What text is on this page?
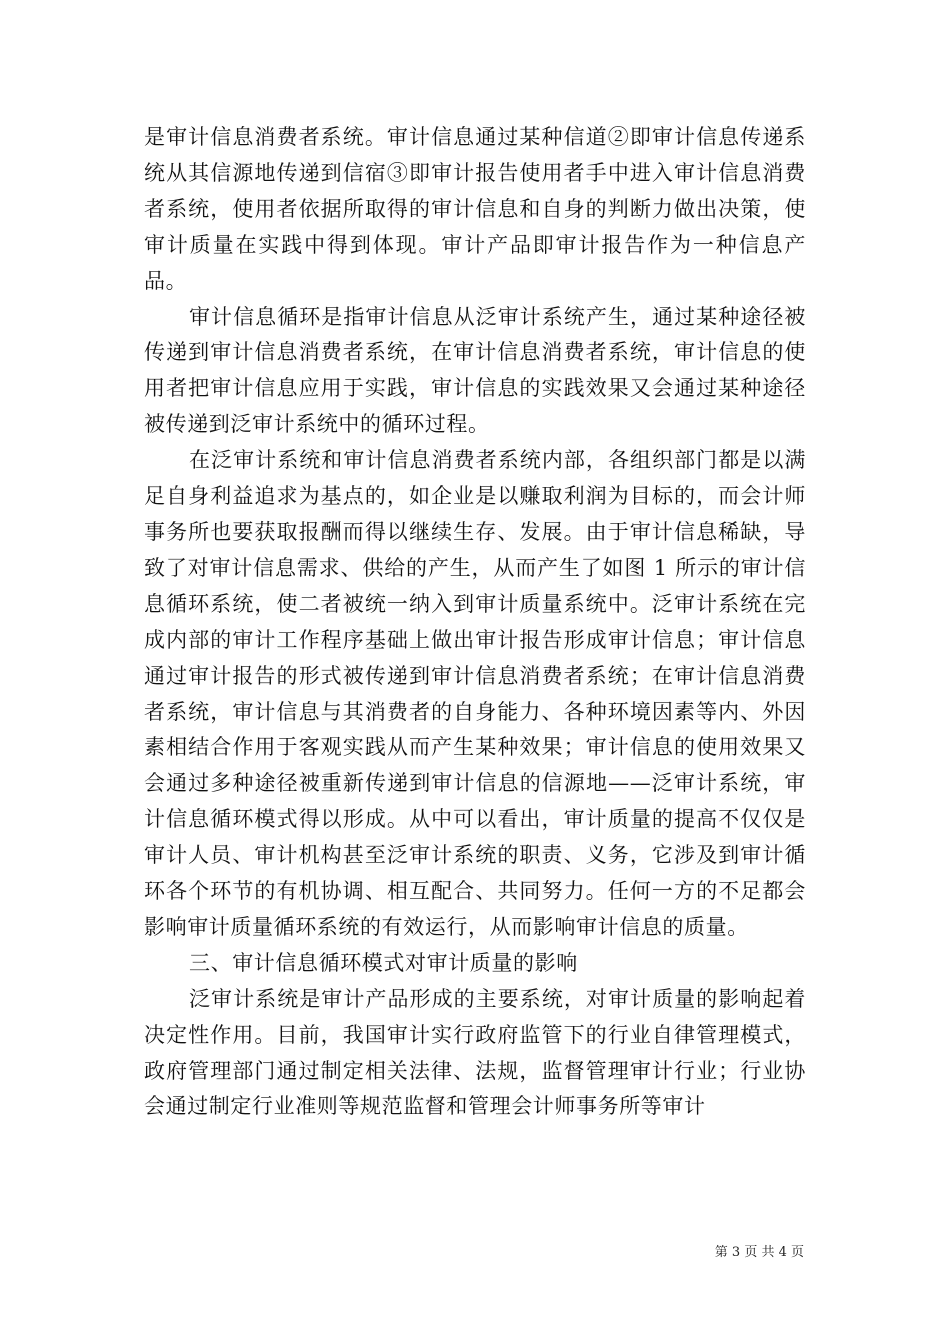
是审计信息消费者系统。审计信息通过某种信道②即审计信息传递系统从其信源地传递到信宿③即审计报告使用者手中进入审计信息消费者系统，使用者依据所取得的审计信息和自身的判断力做出决策，使审计质量在实践中得到体现。审计产品即审计报告作为一种信息产品。

审计信息循环是指审计信息从泛审计系统产生，通过某种途径被传递到审计信息消费者系统，在审计信息消费者系统，审计信息的使用者把审计信息应用于实践，审计信息的实践效果又会通过某种途径被传递到泛审计系统中的循环过程。

在泛审计系统和审计信息消费者系统内部，各组织部门都是以满足自身利益追求为基点的，如企业是以赚取利润为目标的，而会计师事务所也要获取报酬而得以继续生存、发展。由于审计信息稀缺，导致了对审计信息需求、供给的产生，从而产生了如图 1 所示的审计信息循环系统，使二者被统一纳入到审计质量系统中。泛审计系统在完成内部的审计工作程序基础上做出审计报告形成审计信息；审计信息通过审计报告的形式被传递到审计信息消费者系统；在审计信息消费者系统，审计信息与其消费者的自身能力、各种环境因素等内、外因素相结合作用于客观实践从而产生某种效果；审计信息的使用效果又会通过多种途径被重新传递到审计信息的信源地——泛审计系统，审计信息循环模式得以形成。从中可以看出，审计质量的提高不仅仅是审计人员、审计机构甚至泛审计系统的职责、义务，它涉及到审计循环各个环节的有机协调、相互配合、共同努力。任何一方的不足都会影响审计质量循环系统的有效运行，从而影响审计信息的质量。

三、审计信息循环模式对审计质量的影响

泛审计系统是审计产品形成的主要系统，对审计质量的影响起着决定性作用。目前，我国审计实行政府监管下的行业自律管理模式，政府管理部门通过制定相关法律、法规，监督管理审计行业；行业协会通过制定行业准则等规范监督和管理会计师事务所等审计

第 3 页 共 4 页
